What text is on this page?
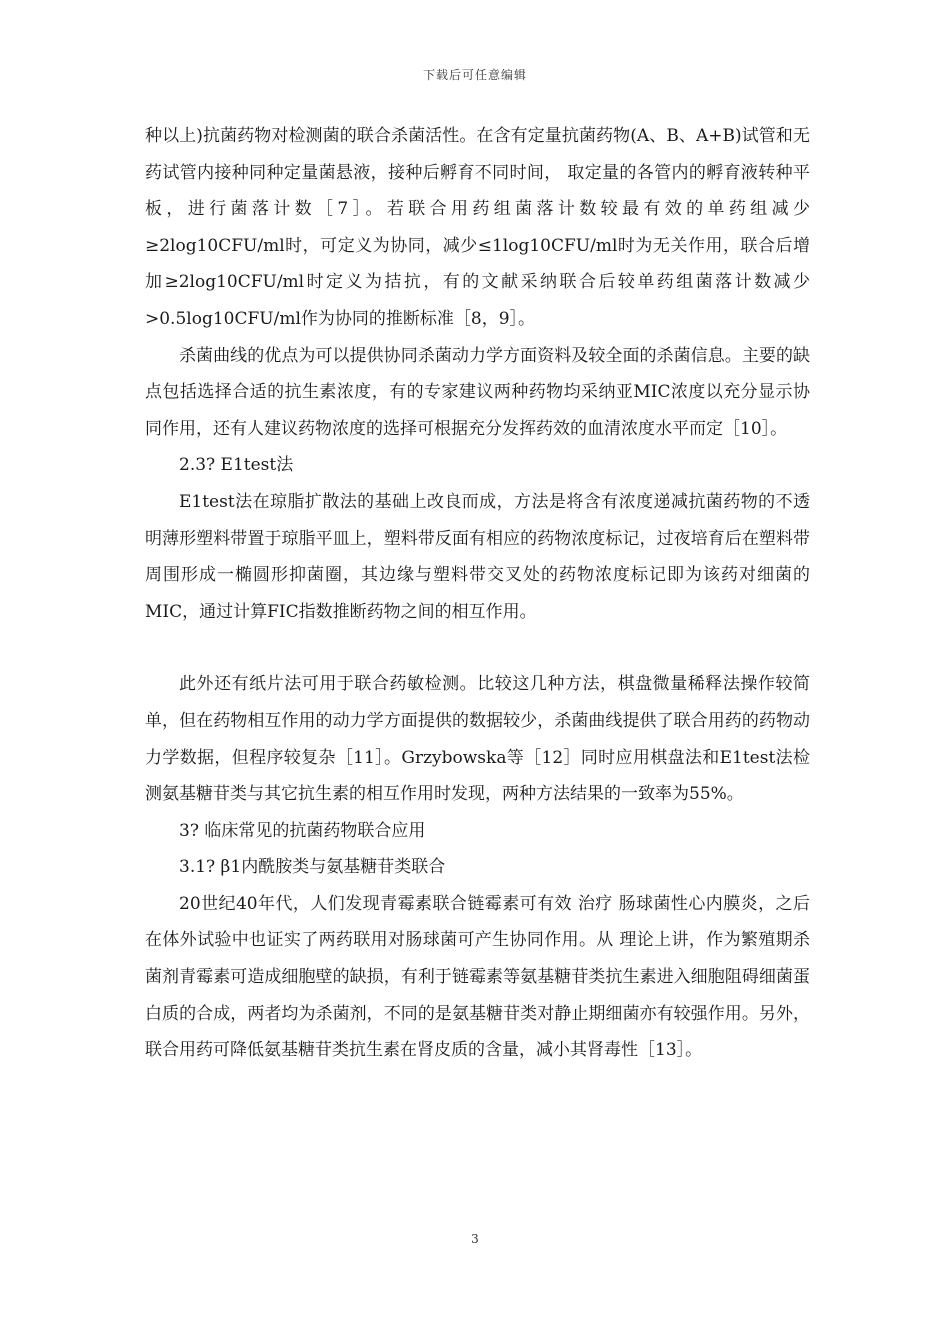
下载后可任意编辑

种以上)抗菌药物对检测菌的联合杀菌活性。在含有定量抗菌药物(A、B、A+B)试管和无药试管内接种同种定量菌悬液，接种后孵育不同时间， 取定量的各管内的孵育液转种平板，进行菌落计数［7］。若联合用药组菌落计数较最有效的单药组减少≥2log10CFU/ml时，可定义为协同，减少≤1log10CFU/ml时为无关作用，联合后增加≥2log10CFU/ml时定义为拮抗，有的文献采纳联合后较单药组菌落计数减少>0.5log10CFU/ml作为协同的推断标准［8，9］。

杀菌曲线的优点为可以提供协同杀菌动力学方面资料及较全面的杀菌信息。主要的缺点包括选择合适的抗生素浓度，有的专家建议两种药物均采纳亚MIC浓度以充分显示协同作用，还有人建议药物浓度的选择可根据充分发挥药效的血清浓度水平而定［10］。

2.3? E1test法

E1test法在琼脂扩散法的基础上改良而成，方法是将含有浓度递减抗菌药物的不透明薄形塑料带置于琼脂平皿上，塑料带反面有相应的药物浓度标记，过夜培育后在塑料带周围形成一椭圆形抑菌圈，其边缘与塑料带交叉处的药物浓度标记即为该药对细菌的MIC，通过计算FIC指数推断药物之间的相互作用。

此外还有纸片法可用于联合药敏检测。比较这几种方法，棋盘微量稀释法操作较简单，但在药物相互作用的动力学方面提供的数据较少，杀菌曲线提供了联合用药的药物动力学数据，但程序较复杂［11］。Grzybowska等［12］同时应用棋盘法和E1test法检测氨基糖苷类与其它抗生素的相互作用时发现，两种方法结果的一致率为55%。

3? 临床常见的抗菌药物联合应用

3.1? β1内酰胺类与氨基糖苷类联合

20世纪40年代，人们发现青霉素联合链霉素可有效 治疗 肠球菌性心内膜炎，之后在体外试验中也证实了两药联用对肠球菌可产生协同作用。从 理论上讲，作为繁殖期杀菌剂青霉素可造成细胞壁的缺损，有利于链霉素等氨基糖苷类抗生素进入细胞阻碍细菌蛋白质的合成，两者均为杀菌剂，不同的是氨基糖苷类对静止期细菌亦有较强作用。另外，联合用药可降低氨基糖苷类抗生素在肾皮质的含量，减小其肾毒性［13］。

3
